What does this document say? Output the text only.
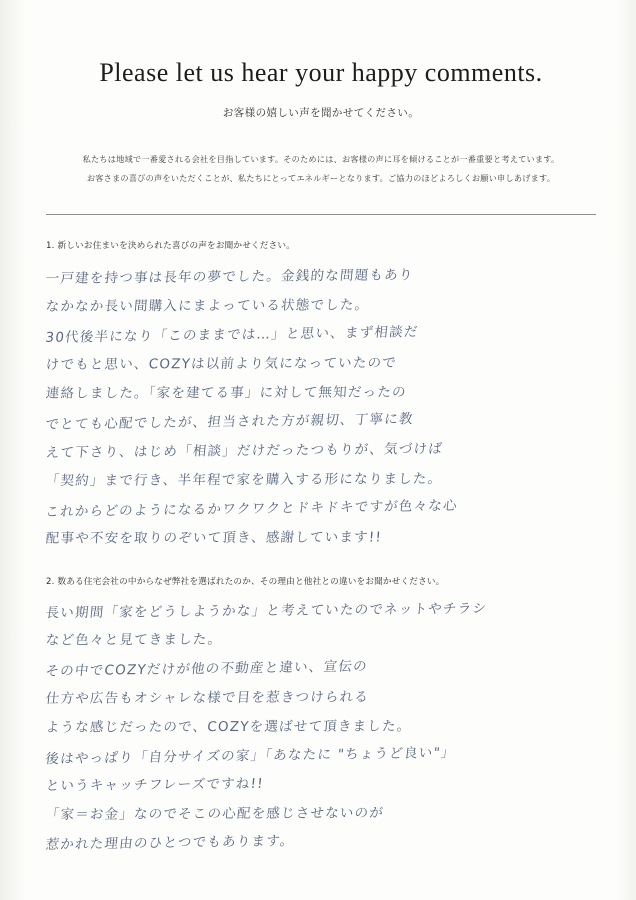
Please let us hear your happy comments.
お客様の嬉しい声を聞かせてください。
私たちは地域で一番愛される会社を目指しています。そのためには、お客様の声に耳を傾けることが一番重要と考えています。
お客さまの喜びの声をいただくことが、私たちにとってエネルギーとなります。ご協力のほどよろしくお願い申しあげます。
1. 新しいお住まいを決められた喜びの声をお聞かせください。
一戸建を持つ事は長年の夢でした。金銭的な問題もあり
なかなか長い間購入にまよっている状態でした。
30代後半になり「このままでは…」と思い、まず相談だ
けでもと思い、COZYは以前より気になっていたので
連絡しました。「家を建てる事」に対して無知だったの
でとても心配でしたが、担当された方が親切、丁寧に教
えて下さり、はじめ「相談」だけだったつもりが、気づけば
「契約」まで行き、半年程で家を購入する形になりました。
これからどのようになるかワクワクとドキドキですが色々な心
配事や不安を取りのぞいて頂き、感謝しています!!
2. 数ある住宅会社の中からなぜ弊社を選ばれたのか、その理由と他社との違いをお聞かせください。
長い期間「家をどうしようかな」と考えていたのでネットやチラシ
など色々と見てきました。
その中でCOZYだけが他の不動産と違い、宣伝の
仕方や広告もオシャレな様で目を惹きつけられる
ような感じだったので、COZYを選ばせて頂きました。
後はやっぱり「自分サイズの家」「あなたに "ちょうど良い"」
というキャッチフレーズですね!!
「家＝お金」なのでそこの心配を感じさせないのが
惹かれた理由のひとつでもあります。
